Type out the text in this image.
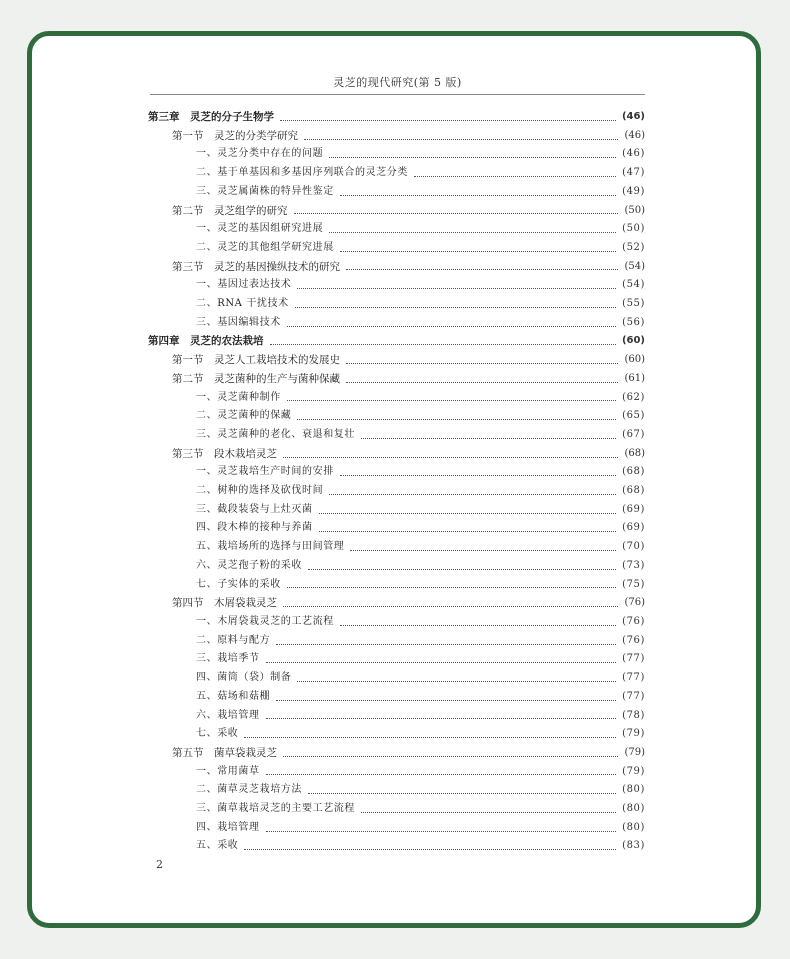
灵芝的现代研究(第 5 版)
第三章　灵芝的分子生物学	(46)
第一节　灵芝的分类学研究	(46)
一、灵芝分类中存在的问题	(46)
二、基于单基因和多基因序列联合的灵芝分类	(47)
三、灵芝属菌株的特异性鉴定	(49)
第二节　灵芝组学的研究	(50)
一、灵芝的基因组研究进展	(50)
二、灵芝的其他组学研究进展	(52)
第三节　灵芝的基因操纵技术的研究	(54)
一、基因过表达技术	(54)
二、RNA 干扰技术	(55)
三、基因编辑技术	(56)
第四章　灵芝的农法栽培	(60)
第一节　灵芝人工栽培技术的发展史	(60)
第二节　灵芝菌种的生产与菌种保藏	(61)
一、灵芝菌种制作	(62)
二、灵芝菌种的保藏	(65)
三、灵芝菌种的老化、衰退和复壮	(67)
第三节　段木栽培灵芝	(68)
一、灵芝栽培生产时间的安排	(68)
二、树种的选择及砍伐时间	(68)
三、截段装袋与上灶灭菌	(69)
四、段木棒的接种与养菌	(69)
五、栽培场所的选择与田间管理	(70)
六、灵芝孢子粉的采收	(73)
七、子实体的采收	(75)
第四节　木屑袋栽灵芝	(76)
一、木屑袋栽灵芝的工艺流程	(76)
二、原料与配方	(76)
三、栽培季节	(77)
四、菌筒（袋）制备	(77)
五、菇场和菇棚	(77)
六、栽培管理	(78)
七、采收	(79)
第五节　菌草袋栽灵芝	(79)
一、常用菌草	(79)
二、菌草灵芝栽培方法	(80)
三、菌草栽培灵芝的主要工艺流程	(80)
四、栽培管理	(80)
五、采收	(83)
2
